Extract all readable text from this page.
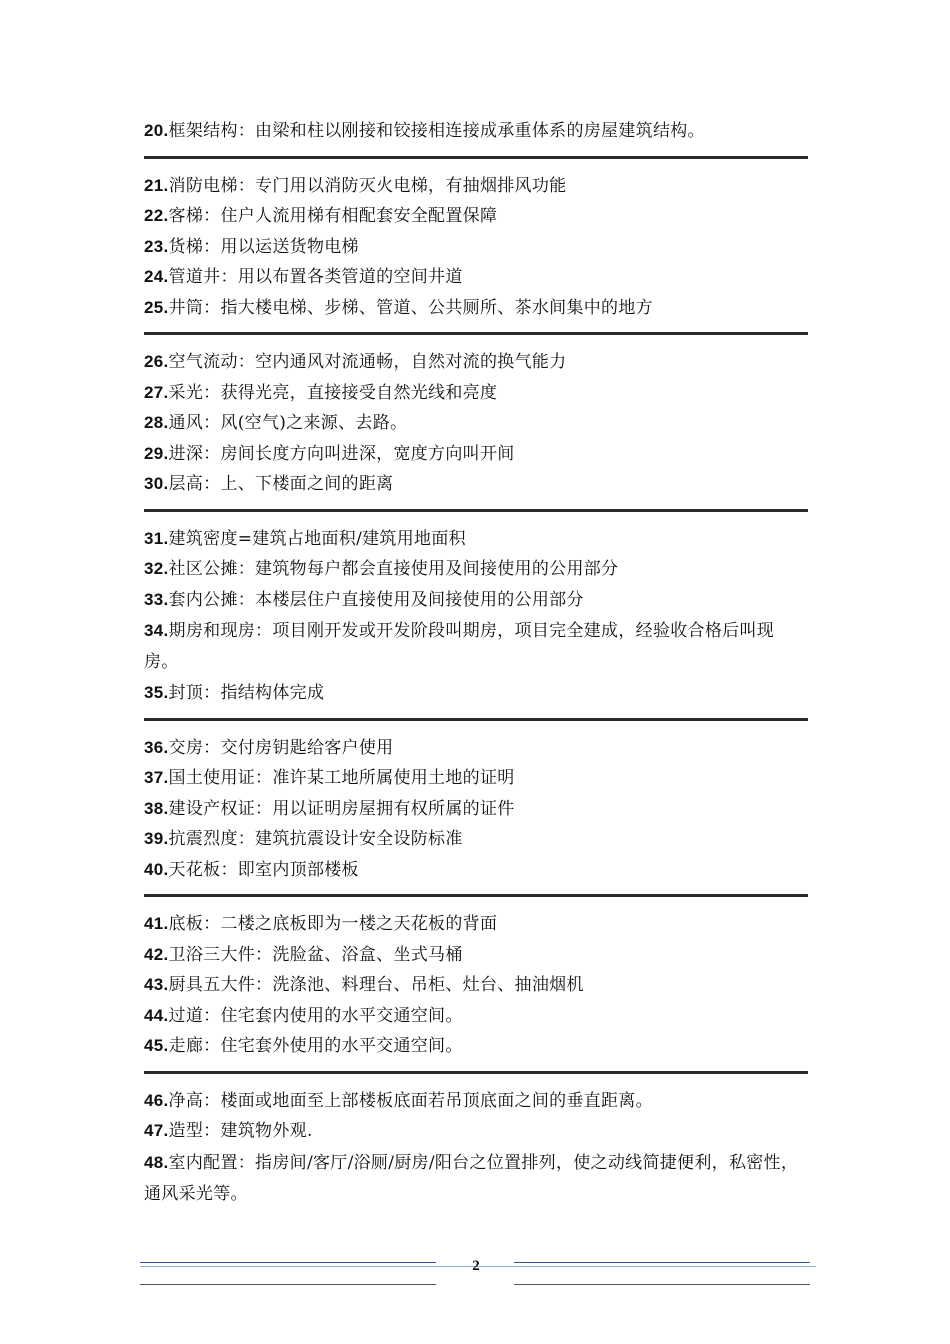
20.框架结构：由梁和柱以刚接和铰接相连接成承重体系的房屋建筑结构。

21.消防电梯：专门用以消防灭火电梯，有抽烟排风功能

22.客梯：住户人流用梯有相配套安全配置保障

23.货梯：用以运送货物电梯

24.管道井：用以布置各类管道的空间井道

25.井筒：指大楼电梯、步梯、管道、公共厕所、茶水间集中的地方

26.空气流动：空内通风对流通畅，自然对流的换气能力

27.采光：获得光亮，直接接受自然光线和亮度

28.通风：风(空气)之来源、去路。

29.进深：房间长度方向叫进深，宽度方向叫开间

30.层高：上、下楼面之间的距离

31.建筑密度=建筑占地面积/建筑用地面积

32.社区公摊：建筑物每户都会直接使用及间接使用的公用部分

33.套内公摊：本楼层住户直接使用及间接使用的公用部分

34.期房和现房：项目刚开发或开发阶段叫期房，项目完全建成，经验收合格后叫现房。

35.封顶：指结构体完成

36.交房：交付房钥匙给客户使用

37.国土使用证：准许某工地所属使用土地的证明

38.建设产权证：用以证明房屋拥有权所属的证件

39.抗震烈度：建筑抗震设计安全设防标准

40.天花板：即室内顶部楼板

41.底板：二楼之底板即为一楼之天花板的背面

42.卫浴三大件：洗脸盆、浴盒、坐式马桶

43.厨具五大件：洗涤池、料理台、吊柜、灶台、抽油烟机

44.过道：住宅套内使用的水平交通空间。

45.走廊：住宅套外使用的水平交通空间。

46.净高：楼面或地面至上部楼板底面若吊顶底面之间的垂直距离。

47.造型：建筑物外观.

48.室内配置：指房间/客厅/浴厕/厨房/阳台之位置排列，使之动线简捷便利，私密性，通风采光等。

2
